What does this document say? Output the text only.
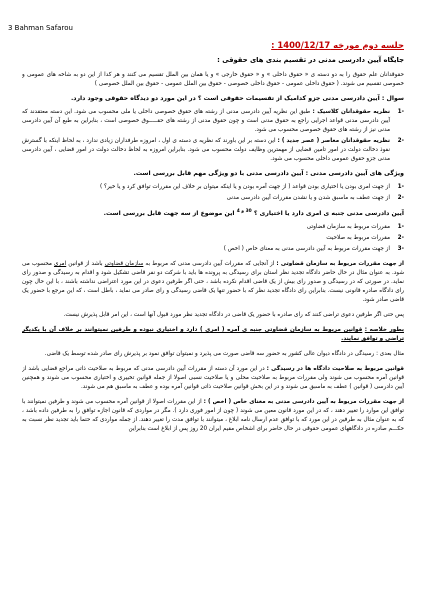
3 Bahman Safarou
جلسه دوم مورخه 1400/12/17 :
جایگاه آیین دادرسی مدنی در تقسیم بندی های حقوقی :

حقوقدانان علم حقوق را به دو دسته ی « حقوق داخلی » و « حقوق خارجی » و یا همان بین الملل تقسیم می کنند و هر کدا از این دو به شاخه های عمومی و خصوصی تقسیم می شوند. ( حقوق داخلی عمومی - حقوق داخلی خصوصی - حقوق بین الملل عمومی - حقوق بین الملل خصوصی )

سوال : آیین دادرسی مدنی جزو کدامیک از تقسیمات حقوقی است ؟ در این مورد دو دیدگاه حقوقی وجود دارد.
-1
نظریه حقوقدانان کلاسیک : طبق این نظریه آیین دادرسی مدنی از رشته های حقوق خصوصی داخلی یا ملی محسوب می شود. این دسته معتقدند که آیین دادرسی مدنی قواعد اجرایی راجع به حقوق مدنی است و چون حقوق مدنی از رشته های حقـــــوق خصوصی است ، بنابراین به طبع آن آیین دادرسی مدنی نیز از رشته های حقوق خصوصی محسوب می شود.
-2
نظریه حقوقدانان معاصر ( عصر جدید ) : این دسته بر این باورند که نظریه ی دسته ی اول ، امروزه طرفداران زیادی ندارد ، به لحاظ اینکه با گسترش نفوذ دخالت دولت در امور تامین قضایی از مهمترین وظایف دولت محسوب می شود. بنابراین امروزه به لحاظ دخالت دولت در امور قضایی ، آیین دادرسی مدنی جزو حقوق عمومی داخلی محسوب می شود.
ویژگی های آیین دادرسی مدنی : آیین دادرسی مدنی با دو ویژگی مهم قابل بررسی است.
-1
از جهت امری بودن یا اختیاری بودن قواعد ( از جهت آمره بودن و یا اینکه میتوان بر خلاف این مقررات توافق کرد و یا خیر؟ )
-2
از جهت عطف به ماسبق شدن و یا نشدن مقررات آیین دادرسی مدنی
آیین دادرسی مدنی جنبه ی امری دارد یا اختیاری ؟ $^{30 و 4}$ این موضوع از سه جهت قابل بررسی است.
-1
مقررات مربوط به سازمان قضاوتی
-2
مقررات مربوط به صلاحیت
-3
از جهت مقررات مربوط به آیین دادرسی مدنی به معنای خاص ( اخص )

از جهت مقررات مربوط به سازمان قضاوتی : از آنجایی که مقررات آیین دادرسی مدنی که مربوط به سازمان قضاوتی باشد از قوانین امری محسوب می شود. به عنوان مثال در حال حاضر دادگاه تجدید نظر استان برای رسیدگی به پرونده ها باید با شرکت دو نفر قاضی تشکیل شود و اقدام به رسیدگی و صدور رای نماید. در صورتی که در رسیدگی و صدور رای بیش از یک قاضی اقدام نکرده باشد ، حتی اگر طرفین دعوی در این مورد اعتراضی نداشته باشند ، با این حال چون رای دادگاه صادره قانونی نیست. بنابراین رای دادگاه تجدید نظر که با حضور تنها یک قاضی رسیدگی و رای صادر می نماید ، باطل است ، که این مرجع با حضور یک قاضی صادر شود.

پس حتی اگر طرفین دعوی تراضی کنند که رای صادره با حضور یک قاضی در دادگاه تجدید نظر مورد قبول آنها است ، این امر قابل پذیرش نیست.

بطور خلاصه : قوانین مربوط به سازمان قضاوتی جنبه ی آمره ( امری ) دارد و اختیاری نبوده و طرفین نمیتوانند بر خلاف آن با یکدیگر تراضی و توافق نمایند.

مثال بعدی : رسیدگی در دادگاه دیوان عالی کشور به حضور سه قاضی صورت می پذیرد و نمیتوان توافق نمود بر پذیرش رای صادر شده توسط یک قاضی.

قوانین مربوط به صلاحیت دادگاه ها در رسیدگی : در این مورد آن دسته از مقررات آیین دادرسی مدنی که مربوط به صلاحیت ذاتی مراجع قضایی باشد از قوانین آمره محسوب می شوند ولی مقررات مربوط به صلاحیت محلی و یا صلاحیت نسبی اصولا از جمله قوانین تخییری و اختیاری محسوب می شوند و همچنین آیین دادرسی ( قوانین ) عطف به ماسبق می شوند و در این بخش قوانین صلاحیت ذاتی قوانین آمره بوده و عطف به ماسبق هم می شوند.

از جهت مقررات مربوط به آیین دادرسی مدنی به معنای خاص ( اخص ) : از این مقررات اصولا از قوانین آمره محسوب می شوند و طرفین نمیتوانند با توافق این موارد را تغییر دهند ، که در این مورد قانون معین می شوند ( چون از امور فوری دارد ). مگر در مواردی که قانون اجازه توافق را به طرفین داده باشد ، که به عنوان مثال به طرفین در این مورد که با توافق عدم ارسال نامه ابلاغ ، میتوانند با توافق مدت را تغییر دهند. از جمله مواردی که حتما باید تجدید نظر نسبت به حکـــم صادره در دادگاههای عمومی حقوقی در حال حاضر برای اشخاص مقیم ایران 20 روز پس از ابلاغ است بنابراین
